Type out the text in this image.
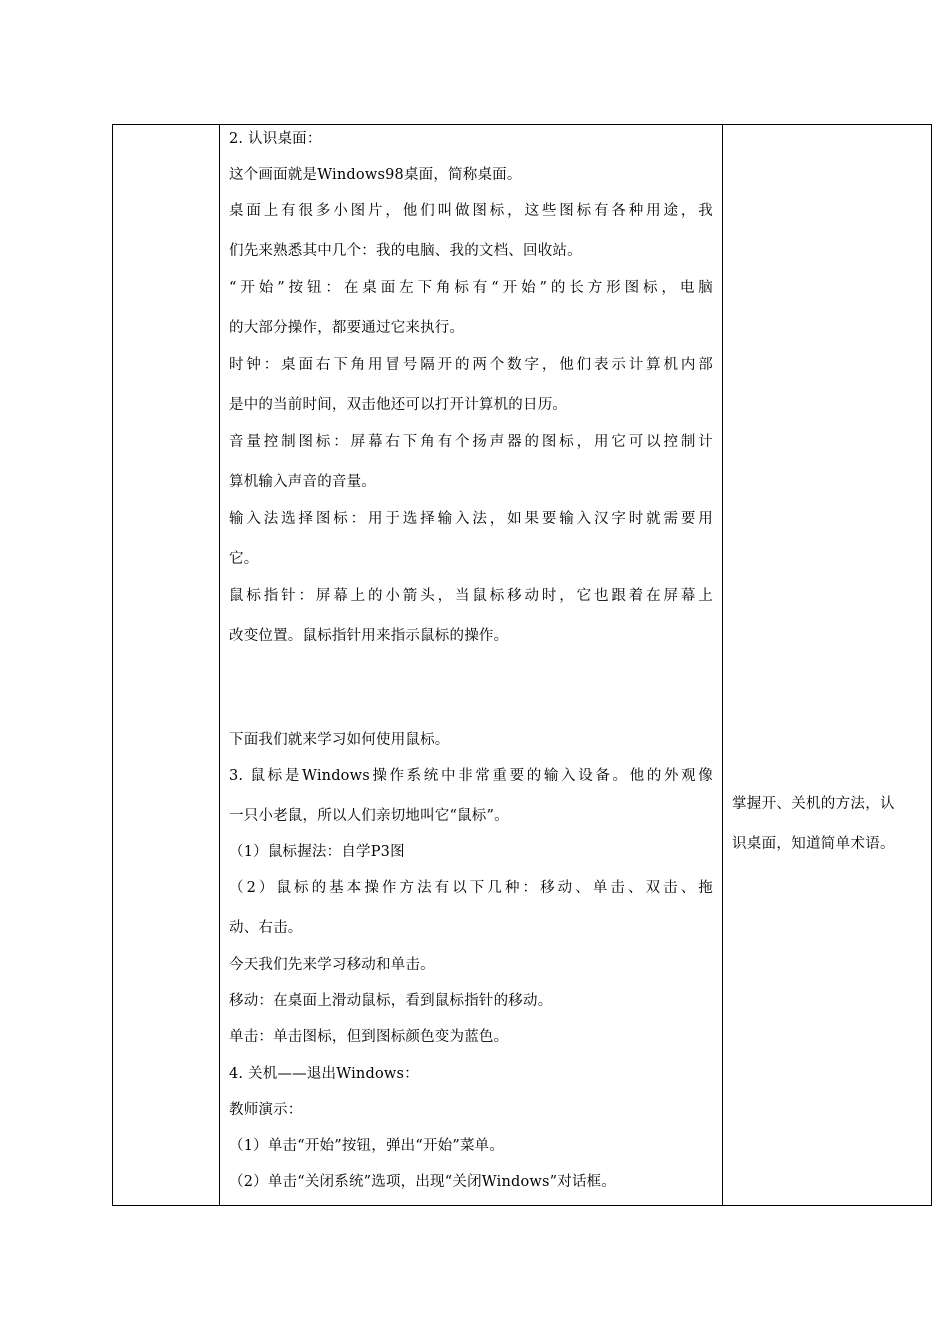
2. 认识桌面：
这个画面就是Windows98桌面，简称桌面。
桌面上有很多小图片，他们叫做图标，这些图标有各种用途，我
们先来熟悉其中几个：我的电脑、我的文档、回收站。
“开始”按钮：在桌面左下角标有“开始”的长方形图标，电脑
的大部分操作，都要通过它来执行。
时钟：桌面右下角用冒号隔开的两个数字，他们表示计算机内部
是中的当前时间，双击他还可以打开计算机的日历。
音量控制图标：屏幕右下角有个扬声器的图标，用它可以控制计
算机输入声音的音量。
输入法选择图标：用于选择输入法，如果要输入汉字时就需要用
它。
鼠标指针：屏幕上的小箭头，当鼠标移动时，它也跟着在屏幕上
改变位置。鼠标指针用来指示鼠标的操作。
下面我们就来学习如何使用鼠标。
3. 鼠标是Windows操作系统中非常重要的输入设备。他的外观像
一只小老鼠，所以人们亲切地叫它“鼠标”。
（1）鼠标握法：自学P3图
（2）鼠标的基本操作方法有以下几种：移动、单击、双击、拖
动、右击。
今天我们先来学习移动和单击。
移动：在桌面上滑动鼠标，看到鼠标指针的移动。
单击：单击图标，但到图标颜色变为蓝色。
4. 关机——退出Windows：
教师演示：
（1）单击“开始”按钮，弹出“开始”菜单。
（2）单击“关闭系统”选项，出现“关闭Windows”对话框。
掌握开、关机的方法，认
识桌面，知道简单术语。
